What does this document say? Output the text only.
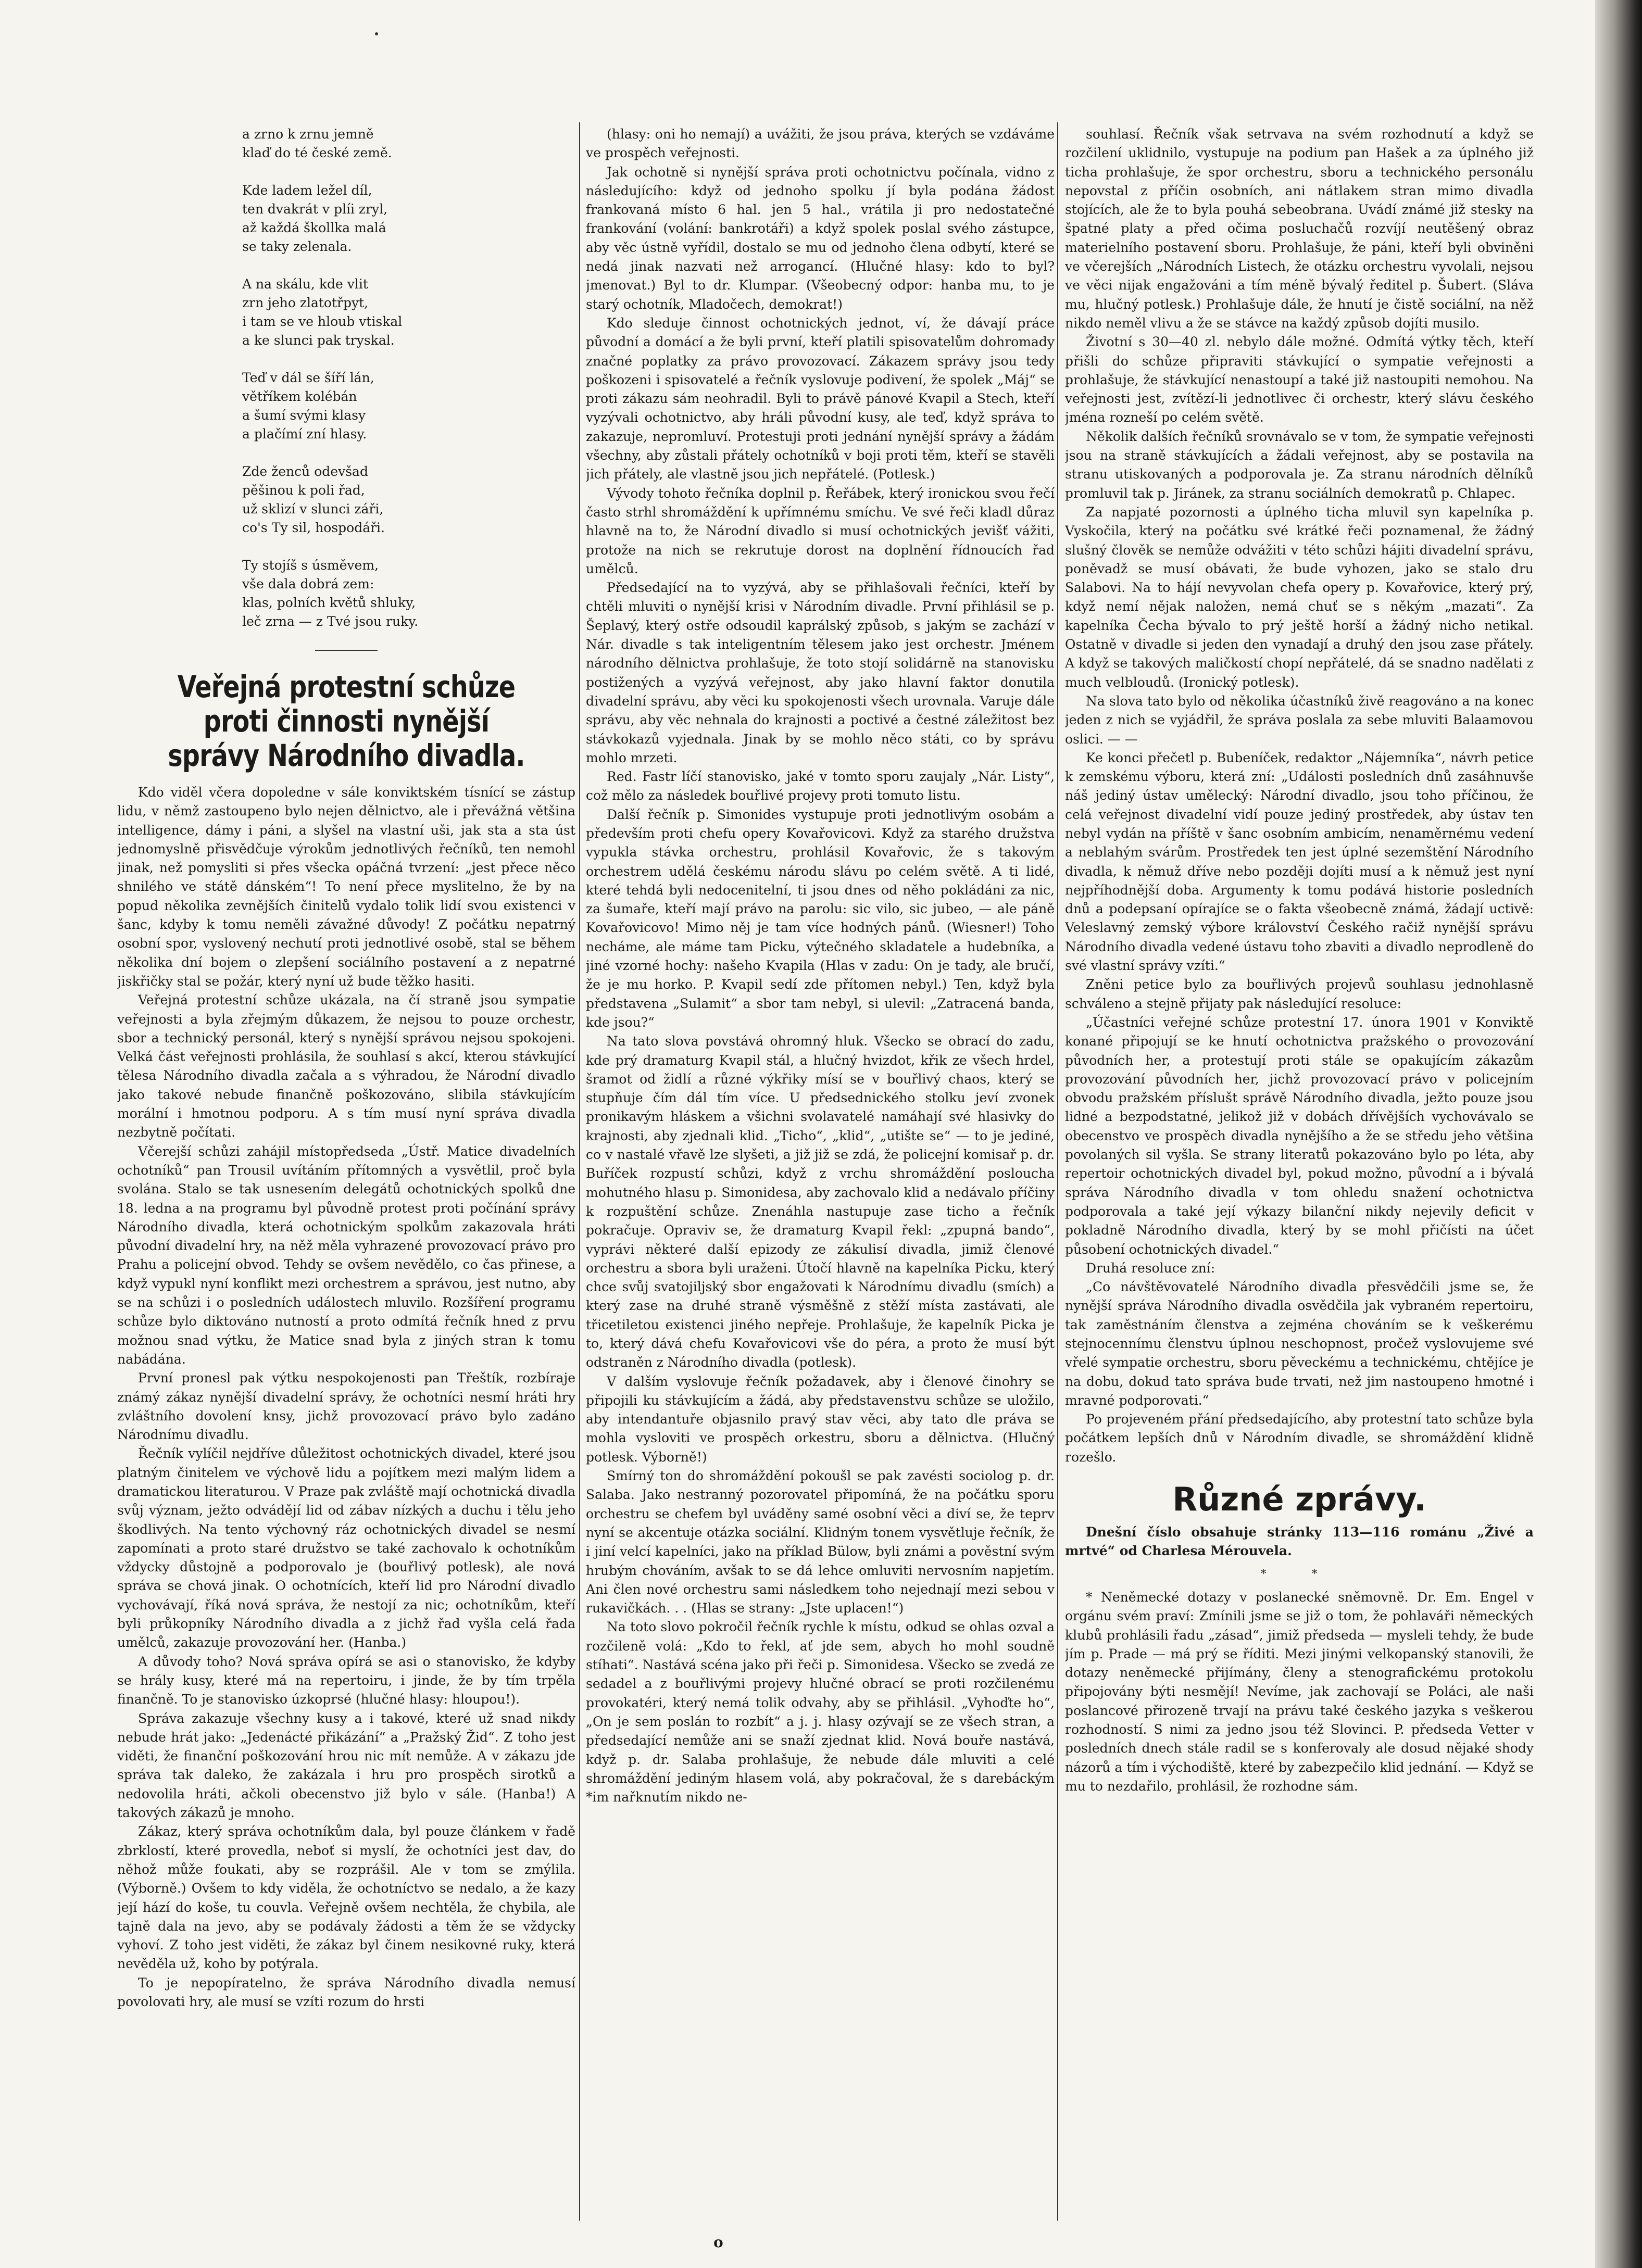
a zrno k zrnu jemně
klaď do té české země.
Kde ladem ležel díl,
ten dvakrát v plíi zryl,
až každá škollka malá
se taky zelenala.
A na skálu, kde vlit
zrn jeho zlatotřpyt,
i tam se ve hloub vtiskal
a ke slunci pak tryskal.
Teď v dál se šíří lán,
větříkem kolébán
a šumí svými klasy
a plačímí zní hlasy.
Zde ženců odevšad
pěšinou k poli řad,
už sklizí v slunci záři,
co's Ty sil, hospodáři.
Ty stojíš s úsměvem,
vše dala dobrá zem:
klas, polních květů shluky,
leč zrna — z Tvé jsou ruky.
Veřejná protestní schůze proti činnosti nynější správy Národního divadla.

Kdo viděl včera dopoledne v sále konviktském tísnící se zástup lidu, v němž zastoupeno bylo nejen dělnictvo, ale i převážná většina intelligence, dámy i páni, a slyšel na vlastní uši, jak sta a sta úst jednomyslně přisvědčuje výrokům jednotlivých řečníků, ten nemohl jinak, než pomysliti si přes všecka opáčná tvrzení: „jest přece něco shnilého ve státě dánském“! To není přece myslitelno, že by na popud několika zevnějších činitelů vydalo tolik lidí svou existenci v šanc, kdyby k tomu neměli závažné důvody! Z počátku nepatrný osobní spor, vyslovený nechutí proti jednotlivé osobě, stal se během několika dní bojem o zlepšení sociálního postavení a z nepatrné jiskřičky stal se požár, který nyní už bude těžko hasiti.

Veřejná protestní schůze ukázala, na čí straně jsou sympatie veřejnosti a byla zřejmým důkazem, že nejsou to pouze orchestr, sbor a technický personál, který s nynější správou nejsou spokojeni. Velká část veřejnosti prohlásila, že souhlasí s akcí, kterou stávkující tělesa Národního divadla začala a s výhradou, že Národní divadlo jako takové nebude finančně poškozováno, slibila stávkujícím morální i hmotnou podporu. A s tím musí nyní správa divadla nezbytně počítati.

Včerejší schůzi zahájil místopředseda „Ústř. Matice divadelních ochotníků“ pan Trousil uvítáním přítomných a vysvětlil, proč byla svolána. Stalo se tak usnesením delegátů ochotnických spolků dne 18. ledna a na programu byl původně protest proti počínání správy Národního divadla, která ochotnickým spolkům zakazovala hráti původní divadelní hry, na něž měla vyhrazené provozovací právo pro Prahu a policejní obvod. Tehdy se ovšem nevědělo, co čas přinese, a když vypukl nyní konflikt mezi orchestrem a správou, jest nutno, aby se na schůzi i o posledních událostech mluvilo. Rozšíření programu schůze bylo diktováno nutností a proto odmítá řečník hned z prvu možnou snad výtku, že Matice snad byla z jiných stran k tomu nabádána.

První pronesl pak výtku nespokojenosti pan Třeštík, rozbíraje známý zákaz nynější divadelní správy, že ochotníci nesmí hráti hry zvláštního dovolení knsy, jichž provozovací právo bylo zadáno Národnímu divadlu.

Řečník vylíčil nejdříve důležitost ochotnických divadel, které jsou platným činitelem ve výchově lidu a pojítkem mezi malým lidem a dramatickou literaturou. V Praze pak zvláště mají ochotnická divadla svůj význam, ježto odvádějí lid od zábav nízkých a duchu i tělu jeho škodlivých. Na tento výchovný ráz ochotnických divadel se nesmí zapomínati a proto staré družstvo se také zachovalo k ochotníkům vždycky důstojně a podporovalo je (bouřlivý potlesk), ale nová správa se chová jinak. O ochotnících, kteří lid pro Národní divadlo vychovávají, říká nová správa, že nestojí za nic; ochotníkům, kteří byli průkopníky Národního divadla a z jichž řad vyšla celá řada umělců, zakazuje provozování her. (Hanba.)

A důvody toho? Nová správa opírá se asi o stanovisko, že kdyby se hrály kusy, které má na repertoiru, i jinde, že by tím trpěla finančně. To je stanovisko úzkoprsé (hlučné hlasy: hloupou!).

Správa zakazuje všechny kusy a i takové, které už snad nikdy nebude hrát jako: „Jedenácté přikázání“ a „Pražský Žid“. Z toho jest viděti, že finanční poškozování hrou nic mít nemůže. A v zákazu jde správa tak daleko, že zakázala i hru pro prospěch sirotků a nedovolila hráti, ačkoli obecenstvo již bylo v sále. (Hanba!) A takových zákazů je mnoho.

Zákaz, který správa ochotníkům dala, byl pouze článkem v řadě zbrklostí, které provedla, neboť si myslí, že ochotníci jest dav, do něhož může foukati, aby se rozprášil. Ale v tom se zmýlila. (Výborně.) Ovšem to kdy viděla, že ochotníctvo se nedalo, a že kazy její hází do koše, tu couvla. Veřejně ovšem nechtěla, že chybila, ale tajně dala na jevo, aby se podávaly žádosti a těm že se vždycky vyhoví. Z toho jest viděti, že zákaz byl činem nesikovné ruky, která nevěděla už, koho by potýrala.

To je nepopíratelno, že správa Národního divadla nemusí povolovati hry, ale musí se vzíti rozum do hrsti

(hlasy: oni ho nemají) a uvážiti, že jsou práva, kterých se vzdáváme ve prospěch veřejnosti.

Jak ochotně si nynější správa proti ochotnictvu počínala, vidno z následujícího: když od jednoho spolku jí byla podána žádost frankovaná místo 6 hal. jen 5 hal., vrátila ji pro nedostatečné frankování (volání: bankrotáři) a když spolek poslal svého zástupce, aby věc ústně vyřídil, dostalo se mu od jednoho člena odbytí, které se nedá jinak nazvati než arrogancí. (Hlučné hlasy: kdo to byl? jmenovat.) Byl to dr. Klumpar. (Všeobecný odpor: hanba mu, to je starý ochotník, Mladočech, demokrat!)

Kdo sleduje činnost ochotnických jednot, ví, že dávají práce původní a domácí a že byli první, kteří platili spisovatelům dohromady značné poplatky za právo provozovací. Zákazem správy jsou tedy poškozeni i spisovatelé a řečník vyslovuje podivení, že spolek „Máj“ se proti zákazu sám neohradil. Byli to právě pánové Kvapil a Stech, kteří vyzývali ochotnictvo, aby hráli původní kusy, ale teď, když správa to zakazuje, nepromluví. Protestuji proti jednání nynější správy a žádám všechny, aby zůstali přátely ochotníků v boji proti těm, kteří se stavěli jich přátely, ale vlastně jsou jich nepřátelé. (Potlesk.)

Vývody tohoto řečníka doplnil p. Řeřábek, který ironickou svou řečí často strhl shromáždění k upřímnému smíchu. Ve své řeči kladl důraz hlavně na to, že Národní divadlo si musí ochotnických jevišť vážiti, protože na nich se rekrutuje dorost na doplnění řídnoucích řad umělců.

Předsedající na to vyzývá, aby se přihlašovali řečníci, kteří by chtěli mluviti o nynější krisi v Národním divadle. První přihlásil se p. Šeplavý, který ostře odsoudil kaprálský způsob, s jakým se zachází v Nár. divadle s tak inteligentním tělesem jako jest orchestr. Jménem národního dělnictva prohlašuje, že toto stojí solidárně na stanovisku postižených a vyzývá veřejnost, aby jako hlavní faktor donutila divadelní správu, aby věci ku spokojenosti všech urovnala. Varuje dále správu, aby věc nehnala do krajnosti a poctivé a čestné záležitost bez stávkokazů vyjednala. Jinak by se mohlo něco státi, co by správu mohlo mrzeti.

Red. Fastr líčí stanovisko, jaké v tomto sporu zaujaly „Nár. Listy“, což mělo za následek bouřlivé projevy proti tomuto listu.

Další řečník p. Simonides vystupuje proti jednotlivým osobám a především proti chefu opery Kovařovicovi. Když za starého družstva vypukla stávka orchestru, prohlásil Kovařovic, že s takovým orchestrem udělá českému národu slávu po celém světě. A ti lidé, které tehdá byli nedocenitelní, ti jsou dnes od něho pokládáni za nic, za šumaře, kteří mají právo na parolu: sic vilo, sic jubeo, — ale páně Kovařovicovo! Mimo něj je tam více hodných pánů. (Wiesner!) Toho necháme, ale máme tam Picku, výtečného skladatele a hudebníka, a jiné vzorné hochy: našeho Kvapila (Hlas v zadu: On je tady, ale bručí, že je mu horko. P. Kvapil sedí zde přítomen nebyl.) Ten, když byla představena „Sulamit“ a sbor tam nebyl, si ulevil: „Zatracená banda, kde jsou?“

Na tato slova povstává ohromný hluk. Všecko se obrací do zadu, kde prý dramaturg Kvapil stál, a hlučný hvizdot, křik ze všech hrdel, šramot od židlí a různé výkřiky mísí se v bouřlivý chaos, který se stupňuje čím dál tím více. U předsednického stolku jeví zvonek pronikavým hláskem a všichni svolavatelé namáhají své hlasivky do krajnosti, aby zjednali klid. „Ticho“, „klid“, „utište se“ — to je jediné, co v nastalé vřavě lze slyšeti, a již již se zdá, že policejní komisař p. dr. Buříček rozpustí schůzi, když z vrchu shromáždění posloucha mohutného hlasu p. Simonidesa, aby zachovalo klid a nedávalo příčiny k rozpuštění schůze. Znenáhla nastupuje zase ticho a řečník pokračuje. Opraviv se, že dramaturg Kvapil řekl: „zpupná bando“, vyprávi některé další epizody ze zákulisí divadla, jimiž členové orchestru a sbora byli uraženi. Útočí hlavně na kapelníka Picku, který chce svůj svatojiljský sbor engažovati k Národnímu divadlu (smích) a který zase na druhé straně výsměšně z stěží místa zastávati, ale třicetiletou existenci jiného nepřeje. Prohlašuje, že kapelník Picka je to, který dává chefu Kovařovicovi vše do péra, a proto že musí být odstraněn z Národního divadla (potlesk).

V dalším vyslovuje řečník požadavek, aby i členové činohry se připojili ku stávkujícím a žádá, aby představenstvu schůze se uložilo, aby intendantuře objasnilo pravý stav věci, aby tato dle práva se mohla vysloviti ve prospěch orkestru, sboru a dělnictva. (Hlučný potlesk. Výborně!)

Smírný ton do shromáždění pokoušl se pak zavésti sociolog p. dr. Salaba. Jako nestranný pozorovatel připomíná, že na počátku sporu orchestru se chefem byl uváděny samé osobní věci a diví se, že teprv nyní se akcentuje otázka sociální. Klidným tonem vysvětluje řečník, že i jiní velcí kapelníci, jako na příklad Bülow, byli známi a pověstní svým hrubým chováním, avšak to se dá lehce omluviti nervosním napjetím. Ani člen nové orchestru sami následkem toho nejednají mezi sebou v rukavičkách. . . (Hlas se strany: „Jste uplacen!“)

Na toto slovo pokročil řečník rychle k místu, odkud se ohlas ozval a rozčileně volá: „Kdo to řekl, ať jde sem, abych ho mohl soudně stíhati“. Nastává scéna jako při řeči p. Simonidesa. Všecko se zvedá ze sedadel a z bouřlivými projevy hlučné obrací se proti rozčilenému provokatéri, který nemá tolik odvahy, aby se přihlásil. „Vyhoďte ho“, „On je sem poslán to rozbít“ a j. j. hlasy ozývají se ze všech stran, a předsedající nemůže ani se snaží zjednat klid. Nová bouře nastává, když p. dr. Salaba prohlašuje, že nebude dále mluviti a celé shromáždění jediným hlasem volá, aby pokračoval, že s darebáckým *im nařknutím nikdo ne-

souhlasí. Řečník však setrvava na svém rozhodnutí a když se rozčilení uklidnilo, vystupuje na podium pan Hašek a za úplného již ticha prohlašuje, že spor orchestru, sboru a technického personálu nepovstal z příčin osobních, ani nátlakem stran mimo divadla stojících, ale že to byla pouhá sebeobrana. Uvádí známé již stesky na špatné platy a před očima posluchačů rozvíjí neutěšený obraz materielního postavení sboru. Prohlašuje, že páni, kteří byli obviněni ve včerejších „Národních Listech, že otázku orchestru vyvolali, nejsou ve věci nijak engažováni a tím méně bývalý ředitel p. Šubert. (Sláva mu, hlučný potlesk.) Prohlašuje dále, že hnutí je čistě sociální, na něž nikdo neměl vlivu a že se stávce na každý způsob dojíti musilo.

Životní s 30—40 zl. nebylo dále možné. Odmítá výtky těch, kteří přišli do schůze připraviti stávkující o sympatie veřejnosti a prohlašuje, že stávkující nenastoupí a také již nastoupiti nemohou. Na veřejnosti jest, zvítězí-li jednotlivec či orchestr, který slávu českého jména rozneší po celém světě.

Několik dalších řečníků srovnávalo se v tom, že sympatie veřejnosti jsou na straně stávkujících a žádali veřejnost, aby se postavila na stranu utiskovaných a podporovala je. Za stranu národních dělníků promluvil tak p. Jiránek, za stranu sociálních demokratů p. Chlapec.

Za napjaté pozornosti a úplného ticha mluvil syn kapelníka p. Vyskočila, který na počátku své krátké řeči poznamenal, že žádný slušný člověk se nemůže odvážiti v této schůzi hájiti divadelní správu, poněvadž se musí obávati, že bude vyhozen, jako se stalo dru Salabovi. Na to hájí nevyvolan chefa opery p. Kovařovice, který prý, když nemí nějak naložen, nemá chuť se s někým „mazati“. Za kapelníka Čecha bývalo to prý ještě horší a žádný nicho netikal. Ostatně v divadle si jeden den vynadají a druhý den jsou zase přátely. A když se takových maličkostí chopí nepřátelé, dá se snadno nadělati z much velbloudů. (Ironický potlesk).

Na slova tato bylo od několika účastníků živě reagováno a na konec jeden z nich se vyjádřil, že správa poslala za sebe mluviti Balaamovou oslici. — —

Ke konci přečetl p. Bubeníček, redaktor „Nájemníka“, návrh petice k zemskému výboru, která zní: „Události posledních dnů zasáhnuvše náš jediný ústav umělecký: Národní divadlo, jsou toho příčinou, že celá veřejnost divadelní vidí pouze jediný prostředek, aby ústav ten nebyl vydán na příště v šanc osobním ambicím, nenaměrnému vedení a neblahým svárům. Prostředek ten jest úplné sezemštění Národního divadla, k němuž dříve nebo později dojíti musí a k němuž jest nyní nejpříhodnější doba. Argumenty k tomu podává historie posledních dnů a podepsaní opírajíce se o fakta všeobecně známá, žádají uctivě: Veleslavný zemský výbore království Českého račiž nynější správu Národního divadla vedené ústavu toho zbaviti a divadlo neprodleně do své vlastní správy vzíti.“

Zněni petice bylo za bouřlivých projevů souhlasu jednohlasně schváleno a stejně přijaty pak následující resoluce:

„Účastníci veřejné schůze protestní 17. února 1901 v Konviktě konané připojují se ke hnutí ochotnictva pražského o provozování původních her, a protestují proti stále se opakujícím zákazům provozování původních her, jichž provozovací právo v policejním obvodu pražském příslušt správě Národního divadla, ježto pouze jsou lidné a bezpodstatné, jelikož již v dobách dřívějších vychovávalo se obecenstvo ve prospěch divadla nynějšího a že se středu jeho většina povolaných sil vyšla. Se strany literatů pokazováno bylo po léta, aby repertoir ochotnických divadel byl, pokud možno, původní a i bývalá správa Národního divadla v tom ohledu snažení ochotnictva podporovala a také její výkazy bilanční nikdy nejevily deficit v pokladně Národního divadla, který by se mohl přičísti na účet působení ochotnických divadel.“

Druhá resoluce zní:

„Co návštěvovatelé Národního divadla přesvědčili jsme se, že nynější správa Národního divadla osvědčila jak vybraném repertoiru, tak zaměstnáním členstva a zejména chováním se k veškerému stejnocennímu členstvu úplnou neschopnost, pročež vyslovujeme své vřelé sympatie orchestru, sboru pěveckému a technickému, chtějíce je na dobu, dokud tato správa bude trvati, než jim nastoupeno hmotné i mravné podporovati.“

Po projeveném přání předsedajícího, aby protestní tato schůze byla počátkem lepších dnů v Národním divadle, se shromáždění klidně rozešlo.

Různé zprávy.

Dnešní číslo obsahuje stránky 113—116 románu „Živé a mrtvé“ od Charlesa Mérouvela.

* *

* Neněmecké dotazy v poslanecké sněmovně. Dr. Em. Engel v orgánu svém praví: Zmínili jsme se již o tom, že pohlaváři německých klubů prohlásili řadu „zásad“, jimiž předseda — mysleli tehdy, že bude jím p. Prade — má prý se říditi. Mezi jinými velkopanský stanovili, že dotazy neněmecké přijímány, členy a stenografickému protokolu připojovány býti nesmějí! Nevíme, jak zachovají se Poláci, ale naši poslancové přirozeně trvají na právu také českého jazyka s veškerou rozhodností. S nimi za jedno jsou též Slovinci. P. předseda Vetter v posledních dnech stále radil se s konferovaly ale dosud nějaké shody názorů a tím i východiště, které by zabezpečilo klid jednání. — Když se mu to nezdařilo, prohlásil, že rozhodne sám.

o
